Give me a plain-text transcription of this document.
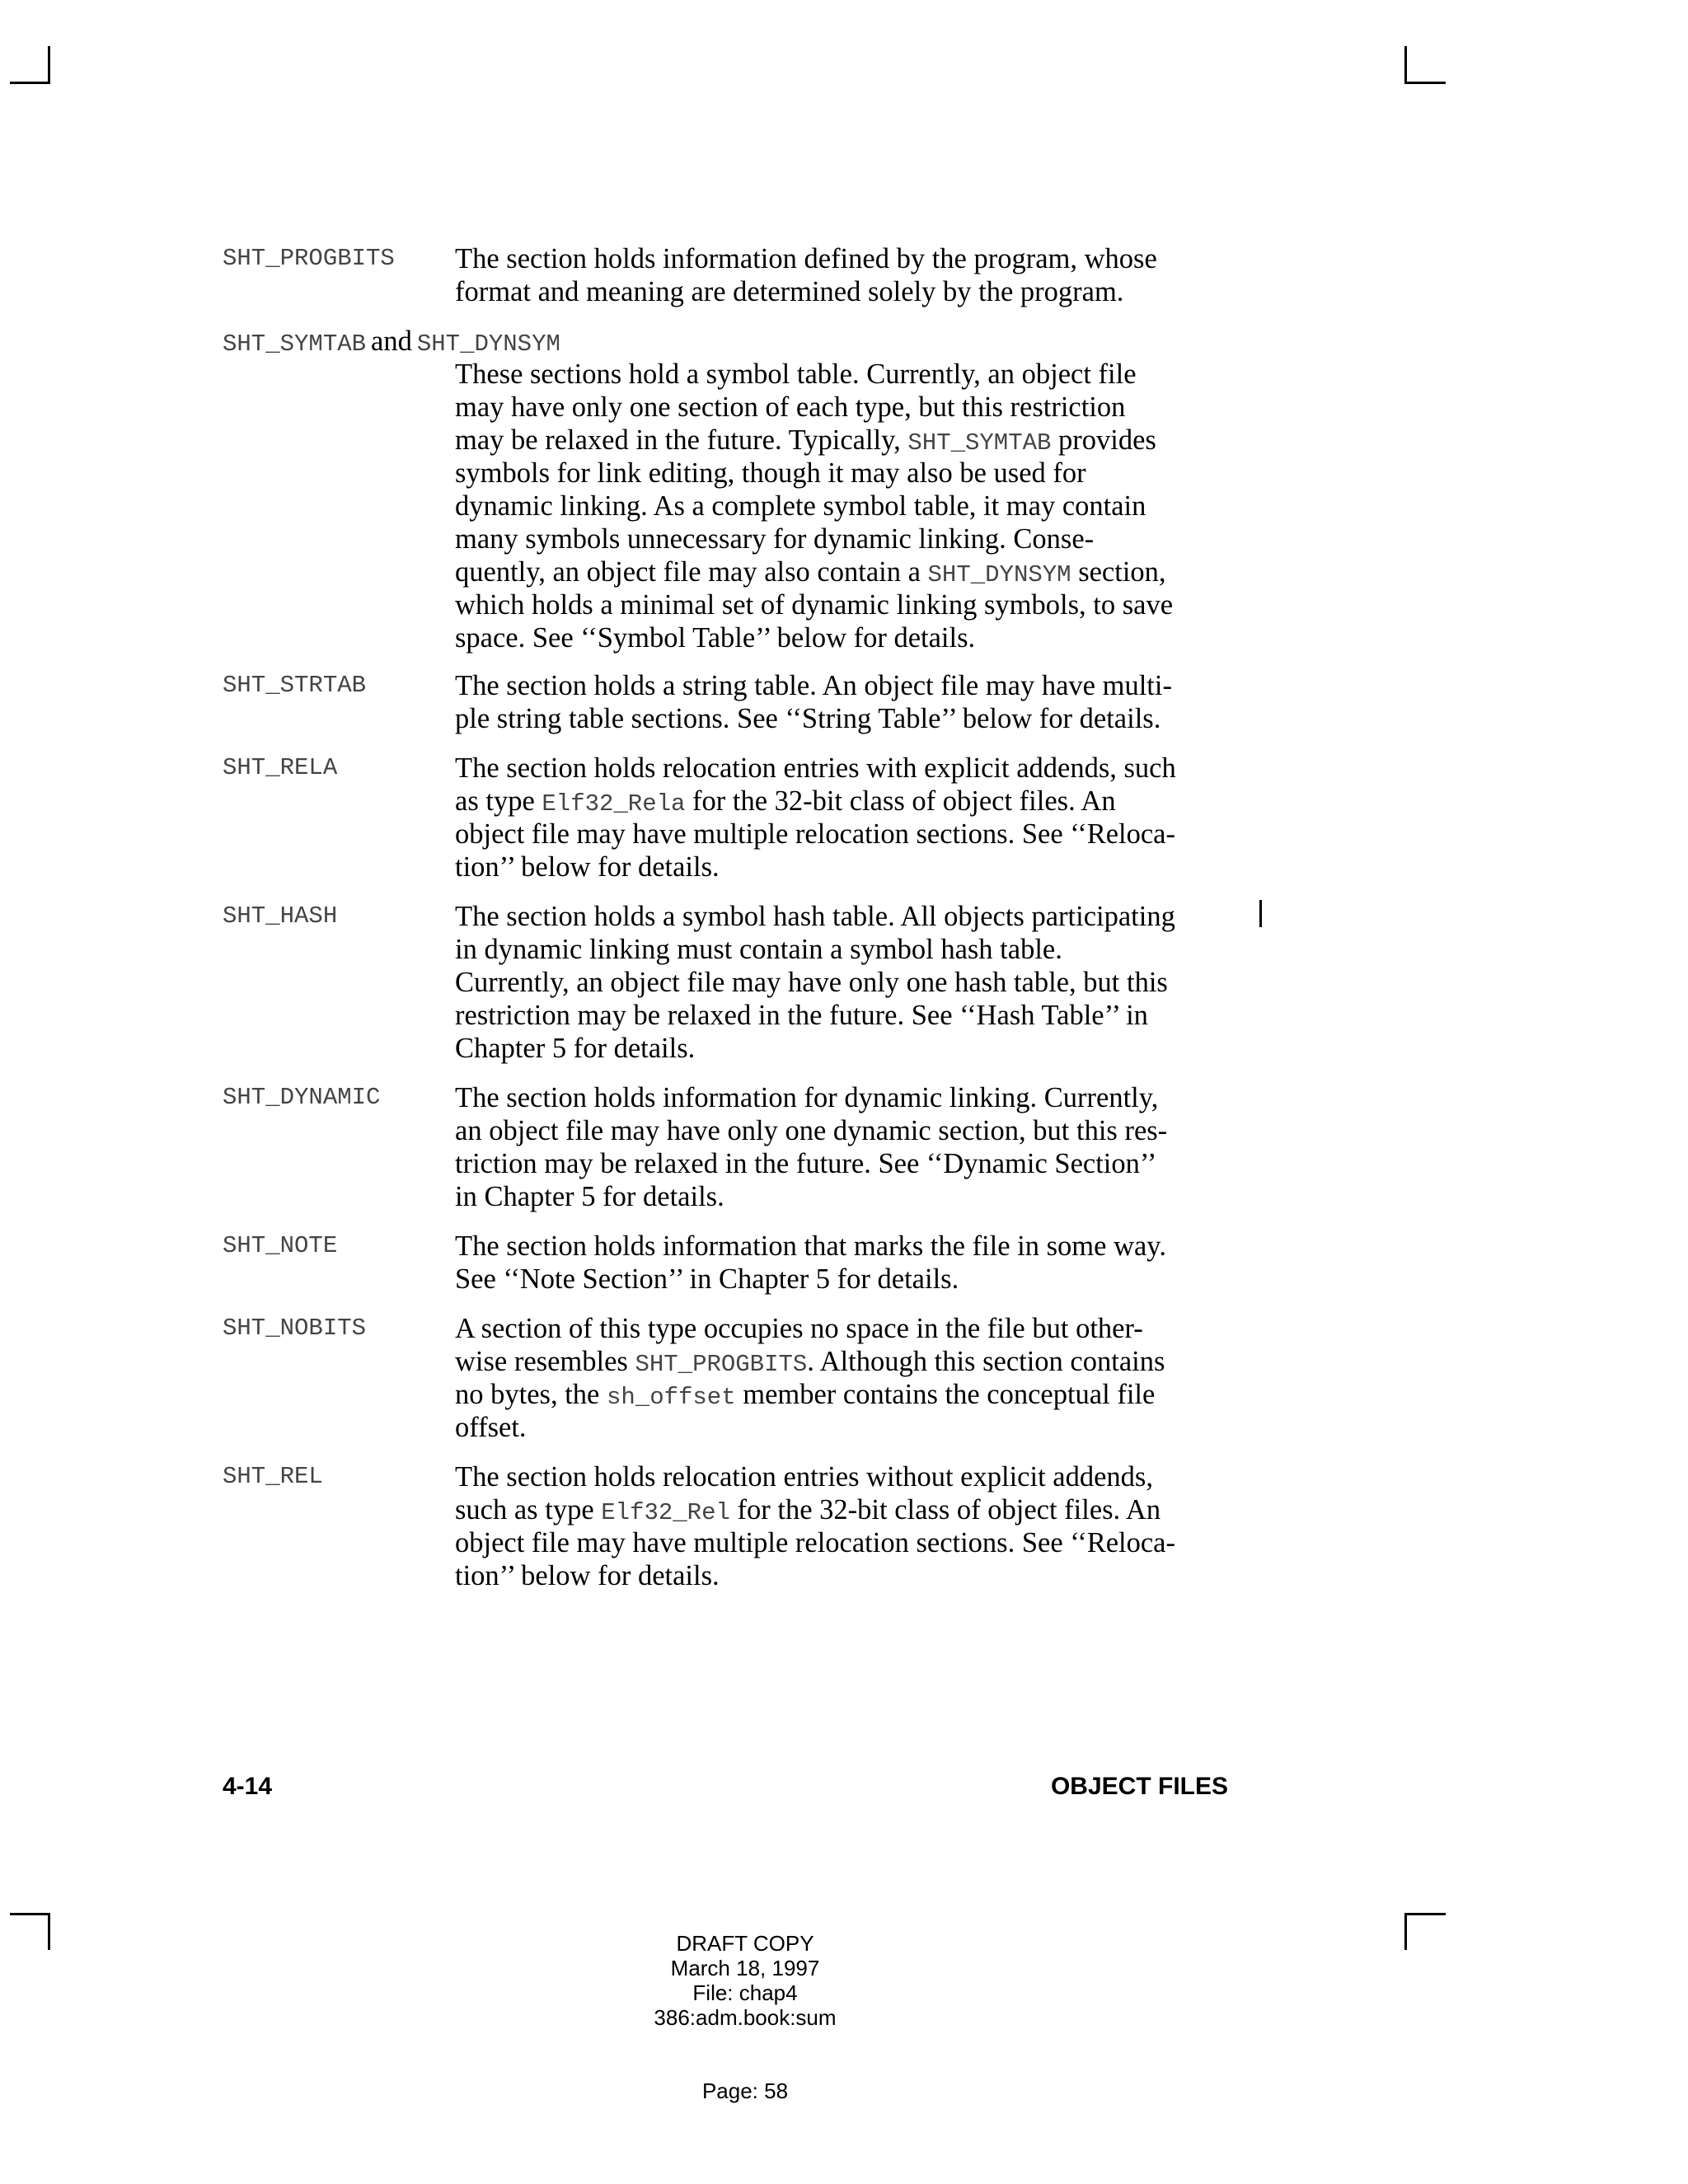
SHT_PROGBITS The section holds information defined by the program, whose
format and meaning are determined solely by the program.
SHT_SYMTAB and SHT_DYNSYM
These sections hold a symbol table. Currently, an object file
may have only one section of each type, but this restriction
may be relaxed in the future. Typically, SHT_SYMTAB provides
symbols for link editing, though it may also be used for
dynamic linking. As a complete symbol table, it may contain
many symbols unnecessary for dynamic linking. Conse-
quently, an object file may also contain a SHT_DYNSYM section,
which holds a minimal set of dynamic linking symbols, to save
space. See ‘‘Symbol Table’’ below for details.
SHT_STRTAB	The section holds a string table. An object file may have multi-
ple string table sections. See ‘‘String Table’’ below for details.
SHT_RELA	The section holds relocation entries with explicit addends, such
as type Elf32_Rela for the 32-bit class of object files. An
object file may have multiple relocation sections. See ‘‘Reloca-
tion’’ below for details.
SHT_HASH	The section holds a symbol hash table. All objects participating
in dynamic linking must contain a symbol hash table.
Currently, an object file may have only one hash table, but this
restriction may be relaxed in the future. See ‘‘Hash Table’’ in
Chapter 5 for details.
SHT_DYNAMIC	The section holds information for dynamic linking. Currently,
an object file may have only one dynamic section, but this res-
triction may be relaxed in the future. See ‘‘Dynamic Section’’
in Chapter 5 for details.
SHT_NOTE	The section holds information that marks the file in some way.
See ‘‘Note Section’’ in Chapter 5 for details.
SHT_NOBITS	A section of this type occupies no space in the file but other-
wise resembles SHT_PROGBITS. Although this section contains
no bytes, the sh_offset member contains the conceptual file
offset.
SHT_REL	The section holds relocation entries without explicit addends,
such as type Elf32_Rel for the 32-bit class of object files. An
object file may have multiple relocation sections. See ‘‘Reloca-
tion’’ below for details.
4-14	OBJECT FILES
DRAFT COPY
March 18, 1997
File: chap4
386:adm.book:sum
Page: 58
